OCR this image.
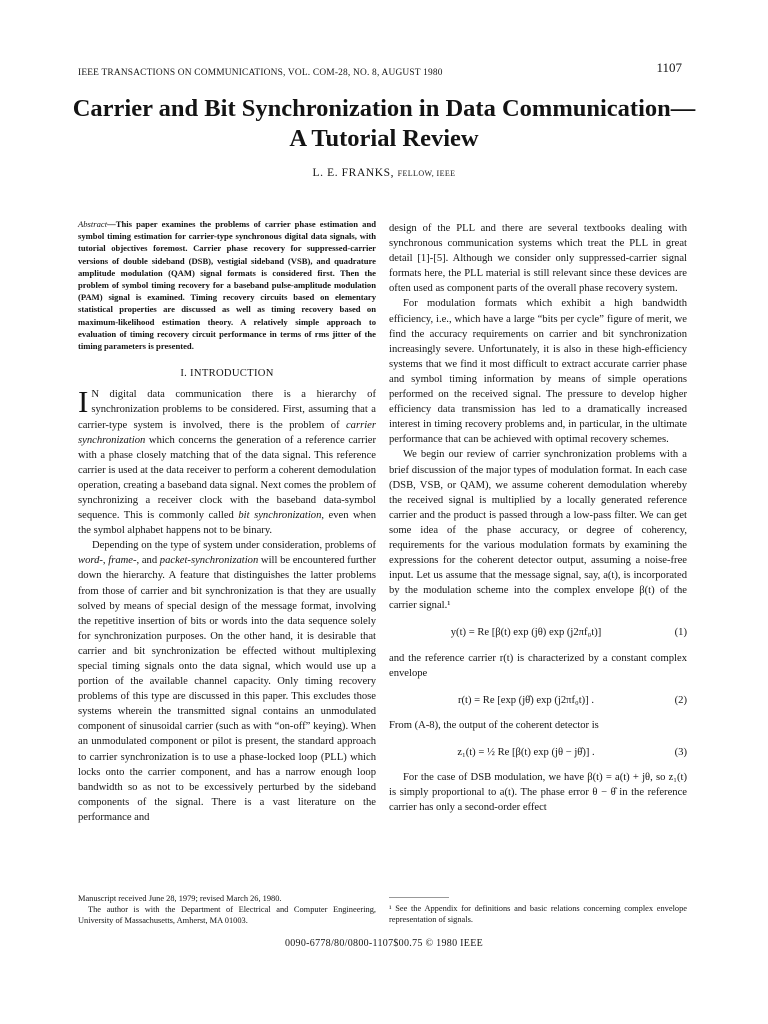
IEEE TRANSACTIONS ON COMMUNICATIONS, VOL. COM-28, NO. 8, AUGUST 1980	1107
Carrier and Bit Synchronization in Data Communication—
A Tutorial Review
L. E. FRANKS, FELLOW, IEEE

Abstract—This paper examines the problems of carrier phase estimation and symbol timing estimation for carrier-type synchronous digital data signals, with tutorial objectives foremost. Carrier phase recovery for suppressed-carrier versions of double sideband (DSB), vestigial sideband (VSB), and quadrature amplitude modulation (QAM) signal formats is considered first. Then the problem of symbol timing recovery for a baseband pulse-amplitude modulation (PAM) signal is examined. Timing recovery circuits based on elementary statistical properties are discussed as well as timing recovery based on maximum-likelihood estimation theory. A relatively simple approach to evaluation of timing recovery circuit performance in terms of rms jitter of the timing parameters is presented.

I. INTRODUCTION

I N digital data communication there is a hierarchy of synchronization problems to be considered. First, assuming that a carrier-type system is involved, there is the problem of carrier synchronization which concerns the generation of a reference carrier with a phase closely matching that of the data signal. This reference carrier is used at the data receiver to perform a coherent demodulation operation, creating a baseband data signal. Next comes the problem of synchronizing a receiver clock with the baseband data-symbol sequence. This is commonly called bit synchronization, even when the symbol alphabet happens not to be binary.

Depending on the type of system under consideration, problems of word-, frame-, and packet-synchronization will be encountered further down the hierarchy. A feature that distinguishes the latter problems from those of carrier and bit synchronization is that they are usually solved by means of special design of the message format, involving the repetitive insertion of bits or words into the data sequence solely for synchronization purposes. On the other hand, it is desirable that carrier and bit synchronization be effected without multiplexing special timing signals onto the data signal, which would use up a portion of the available channel capacity. Only timing recovery problems of this type are discussed in this paper. This excludes those systems wherein the transmitted signal contains an unmodulated component of sinusoidal carrier (such as with “on-off” keying). When an unmodulated component or pilot is present, the standard approach to carrier synchronization is to use a phase-locked loop (PLL) which locks onto the carrier component, and has a narrow enough loop bandwidth so as not to be excessively perturbed by the sideband components of the signal. There is a vast literature on the performance and

design of the PLL and there are several textbooks dealing with synchronous communication systems which treat the PLL in great detail [1]-[5]. Although we consider only suppressed-carrier signal formats here, the PLL material is still relevant since these devices are often used as component parts of the overall phase recovery system.

For modulation formats which exhibit a high bandwidth efficiency, i.e., which have a large “bits per cycle” figure of merit, we find the accuracy requirements on carrier and bit synchronization increasingly severe. Unfortunately, it is also in these high-efficiency systems that we find it most difficult to extract accurate carrier phase and symbol timing information by means of simple operations performed on the received signal. The pressure to develop higher efficiency data transmission has led to a dramatically increased interest in timing recovery problems and, in particular, in the ultimate performance that can be achieved with optimal recovery schemes.

We begin our review of carrier synchronization problems with a brief discussion of the major types of modulation format. In each case (DSB, VSB, or QAM), we assume coherent demodulation whereby the received signal is multiplied by a locally generated reference carrier and the product is passed through a low-pass filter. We can get some idea of the phase accuracy, or degree of coherency, requirements for the various modulation formats by examining the expressions for the coherent detector output, assuming a noise-free input. Let us assume that the message signal, say, a(t), is incorporated by the modulation scheme into the complex envelope β(t) of the carrier signal.¹

y(t) = Re [β(t) exp (jθ) exp (j2πf₀t)]	(1)

and the reference carrier r(t) is characterized by a constant complex envelope

r(t) = Re [exp (jθ̂) exp (j2πf₀t)] .	(2)

From (A-8), the output of the coherent detector is

z₁(t) = ½ Re [β(t) exp (jθ − jθ̂)] .	(3)

For the case of DSB modulation, we have β(t) = a(t) + jθ, so z₁(t) is simply proportional to a(t). The phase error θ − θ̂ in the reference carrier has only a second-order effect

Manuscript received June 28, 1979; revised March 26, 1980.

The author is with the Department of Electrical and Computer Engineering, University of Massachusetts, Amherst, MA 01003.

¹ See the Appendix for definitions and basic relations concerning complex envelope representation of signals.
0090-6778/80/0800-1107$00.75 © 1980 IEEE
